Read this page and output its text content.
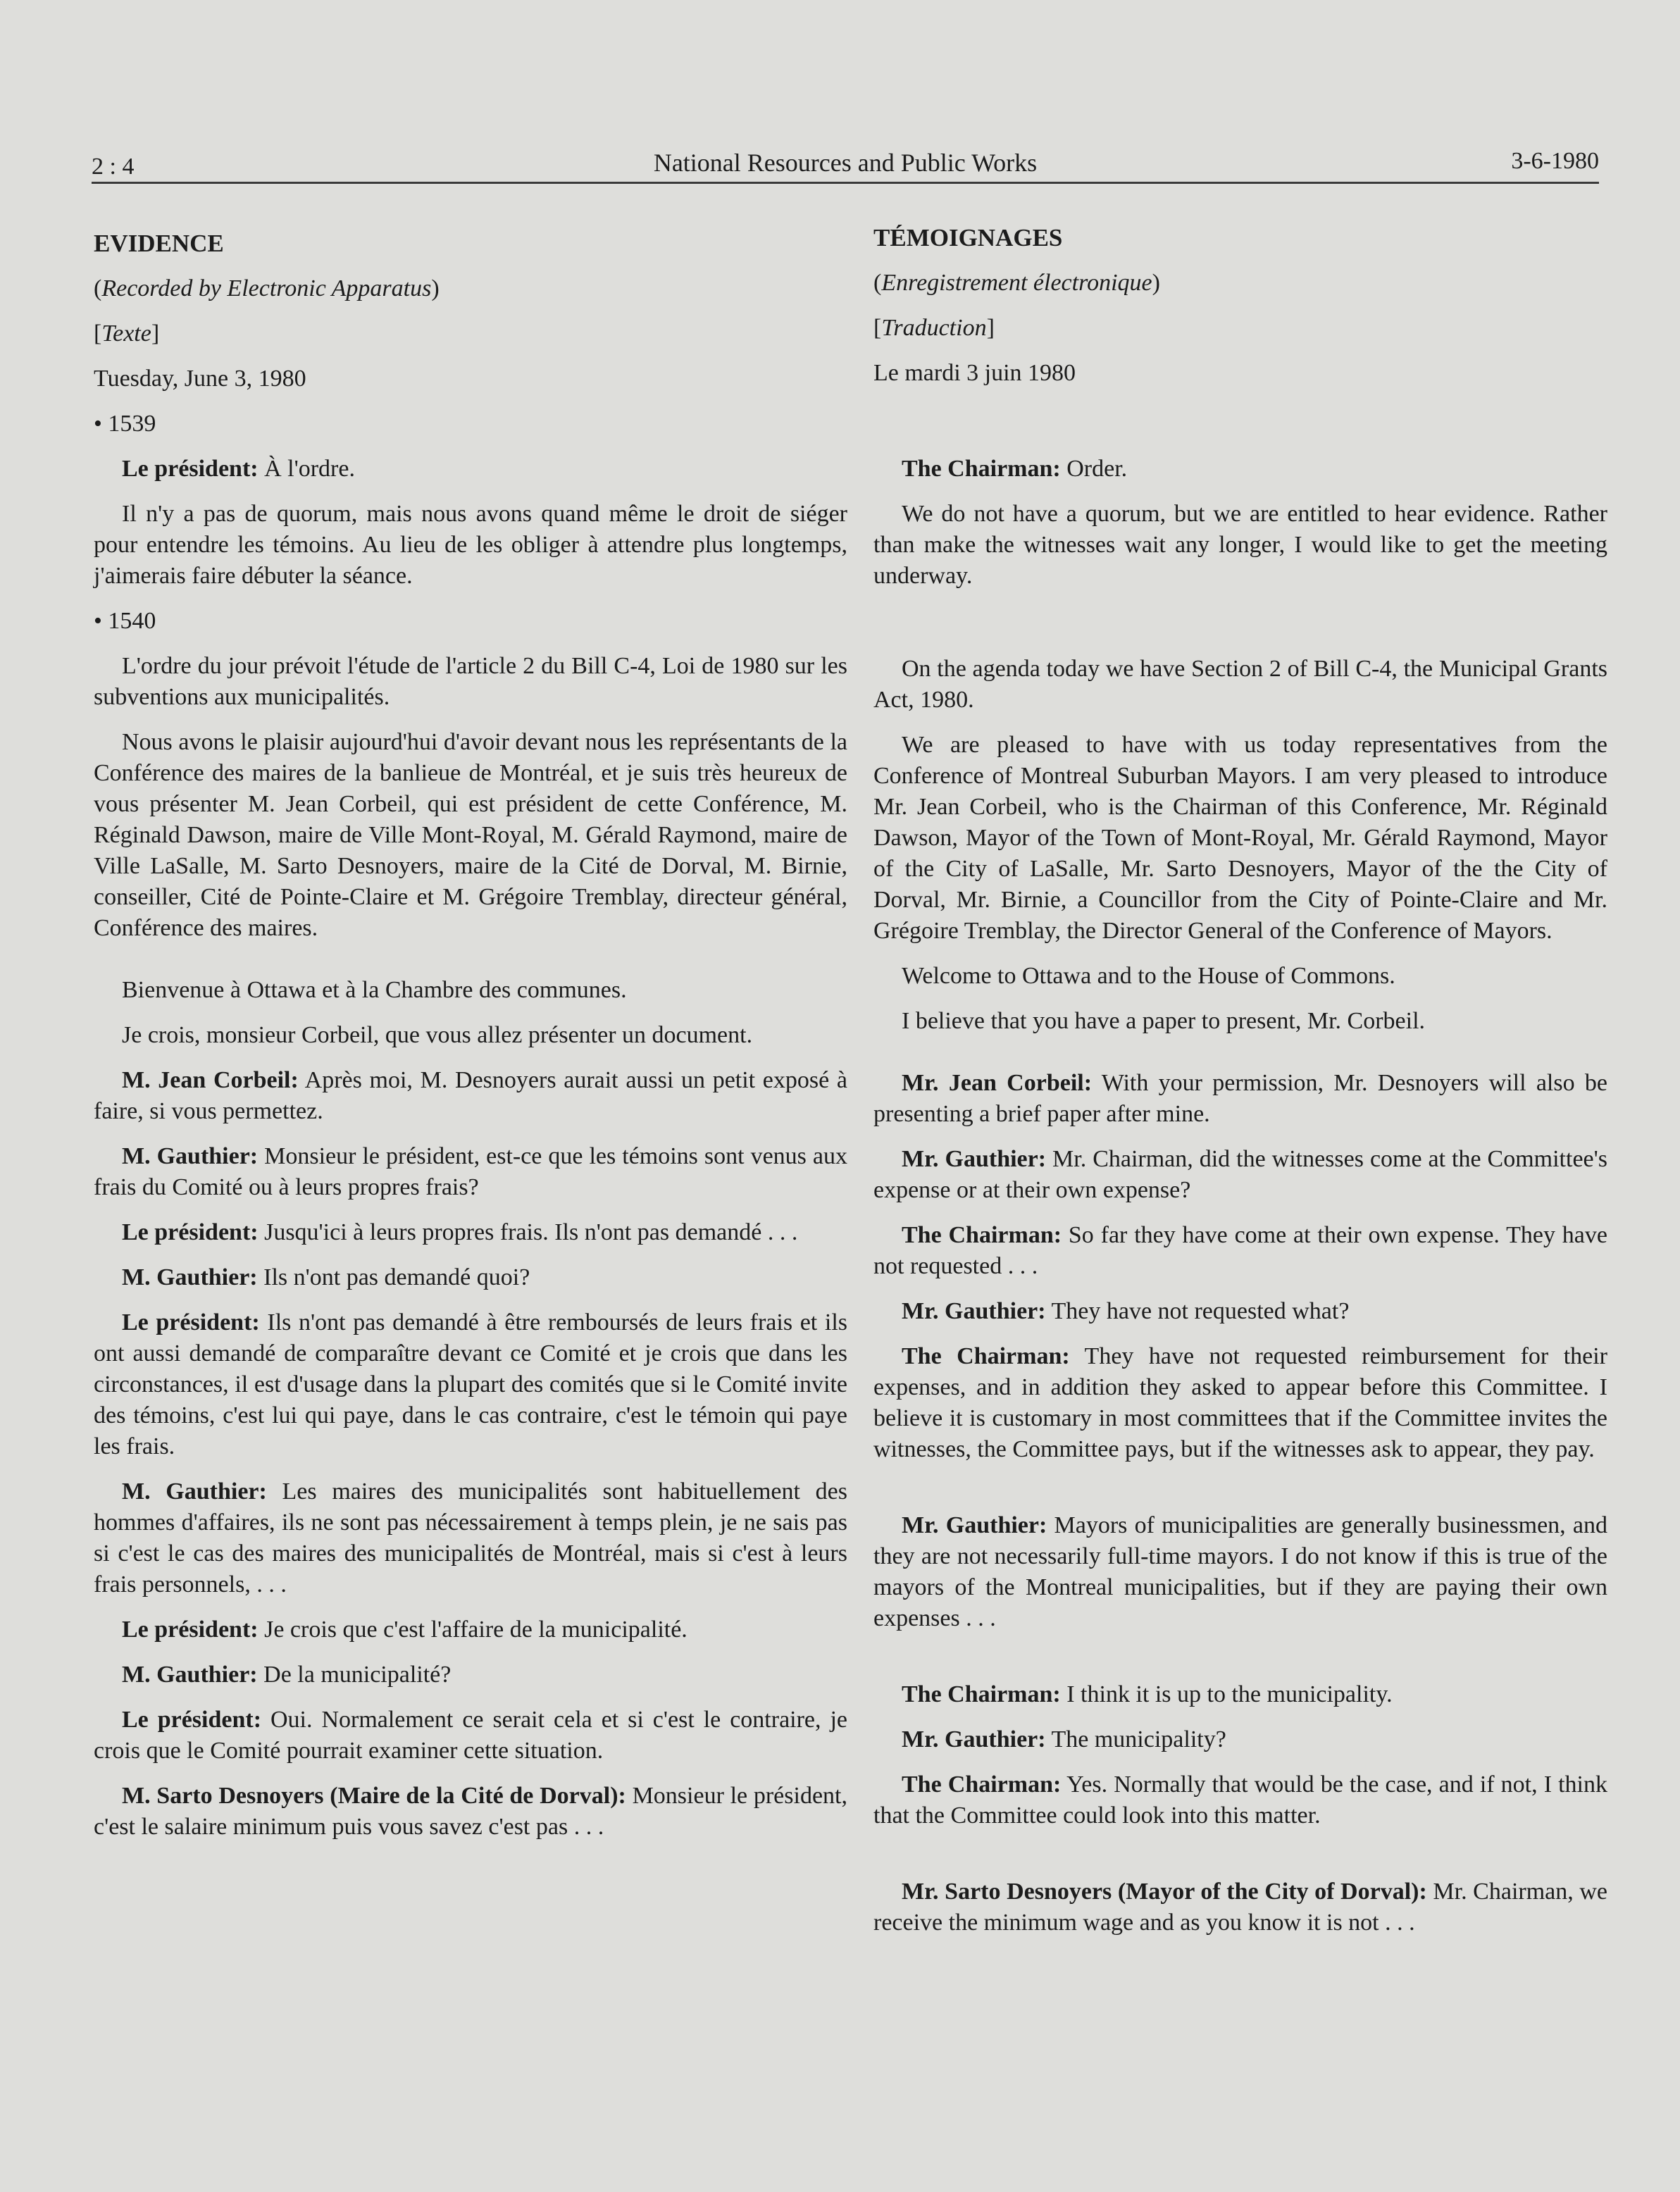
2 : 4	National Resources and Public Works	3-6-1980

EVIDENCE

(Recorded by Electronic Apparatus)

[Texte]

Tuesday, June 3, 1980

• 1539

Le président: À l'ordre.

Il n'y a pas de quorum, mais nous avons quand même le droit de siéger pour entendre les témoins. Au lieu de les obliger à attendre plus longtemps, j'aimerais faire débuter la séance.

• 1540

L'ordre du jour prévoit l'étude de l'article 2 du Bill C-4, Loi de 1980 sur les subventions aux municipalités.

Nous avons le plaisir aujourd'hui d'avoir devant nous les représentants de la Conférence des maires de la banlieue de Montréal, et je suis très heureux de vous présenter M. Jean Corbeil, qui est président de cette Conférence, M. Réginald Dawson, maire de Ville Mont-Royal, M. Gérald Raymond, maire de Ville LaSalle, M. Sarto Desnoyers, maire de la Cité de Dorval, M. Birnie, conseiller, Cité de Pointe-Claire et M. Grégoire Tremblay, directeur général, Conférence des maires.

Bienvenue à Ottawa et à la Chambre des communes.

Je crois, monsieur Corbeil, que vous allez présenter un document.

M. Jean Corbeil: Après moi, M. Desnoyers aurait aussi un petit exposé à faire, si vous permettez.

M. Gauthier: Monsieur le président, est-ce que les témoins sont venus aux frais du Comité ou à leurs propres frais?

Le président: Jusqu'ici à leurs propres frais. Ils n'ont pas demandé . . .

M. Gauthier: Ils n'ont pas demandé quoi?

Le président: Ils n'ont pas demandé à être remboursés de leurs frais et ils ont aussi demandé de comparaître devant ce Comité et je crois que dans les circonstances, il est d'usage dans la plupart des comités que si le Comité invite des témoins, c'est lui qui paye, dans le cas contraire, c'est le témoin qui paye les frais.

M. Gauthier: Les maires des municipalités sont habituellement des hommes d'affaires, ils ne sont pas nécessairement à temps plein, je ne sais pas si c'est le cas des maires des municipalités de Montréal, mais si c'est à leurs frais personnels, . . .

Le président: Je crois que c'est l'affaire de la municipalité.

M. Gauthier: De la municipalité?

Le président: Oui. Normalement ce serait cela et si c'est le contraire, je crois que le Comité pourrait examiner cette situation.

M. Sarto Desnoyers (Maire de la Cité de Dorval): Monsieur le président, c'est le salaire minimum puis vous savez c'est pas . . .

TÉMOIGNAGES

(Enregistrement électronique)

[Traduction]

Le mardi 3 juin 1980

The Chairman: Order.

We do not have a quorum, but we are entitled to hear evidence. Rather than make the witnesses wait any longer, I would like to get the meeting underway.

On the agenda today we have Section 2 of Bill C-4, the Municipal Grants Act, 1980.

We are pleased to have with us today representatives from the Conference of Montreal Suburban Mayors. I am very pleased to introduce Mr. Jean Corbeil, who is the Chairman of this Conference, Mr. Réginald Dawson, Mayor of the Town of Mont-Royal, Mr. Gérald Raymond, Mayor of the City of LaSalle, Mr. Sarto Desnoyers, Mayor of the the City of Dorval, Mr. Birnie, a Councillor from the City of Pointe-Claire and Mr. Grégoire Tremblay, the Director General of the Conference of Mayors.

Welcome to Ottawa and to the House of Commons.

I believe that you have a paper to present, Mr. Corbeil.

Mr. Jean Corbeil: With your permission, Mr. Desnoyers will also be presenting a brief paper after mine.

Mr. Gauthier: Mr. Chairman, did the witnesses come at the Committee's expense or at their own expense?

The Chairman: So far they have come at their own expense. They have not requested . . .

Mr. Gauthier: They have not requested what?

The Chairman: They have not requested reimbursement for their expenses, and in addition they asked to appear before this Committee. I believe it is customary in most committees that if the Committee invites the witnesses, the Committee pays, but if the witnesses ask to appear, they pay.

Mr. Gauthier: Mayors of municipalities are generally businessmen, and they are not necessarily full-time mayors. I do not know if this is true of the mayors of the Montreal municipalities, but if they are paying their own expenses . . .

The Chairman: I think it is up to the municipality.

Mr. Gauthier: The municipality?

The Chairman: Yes. Normally that would be the case, and if not, I think that the Committee could look into this matter.

Mr. Sarto Desnoyers (Mayor of the City of Dorval): Mr. Chairman, we receive the minimum wage and as you know it is not . . .
